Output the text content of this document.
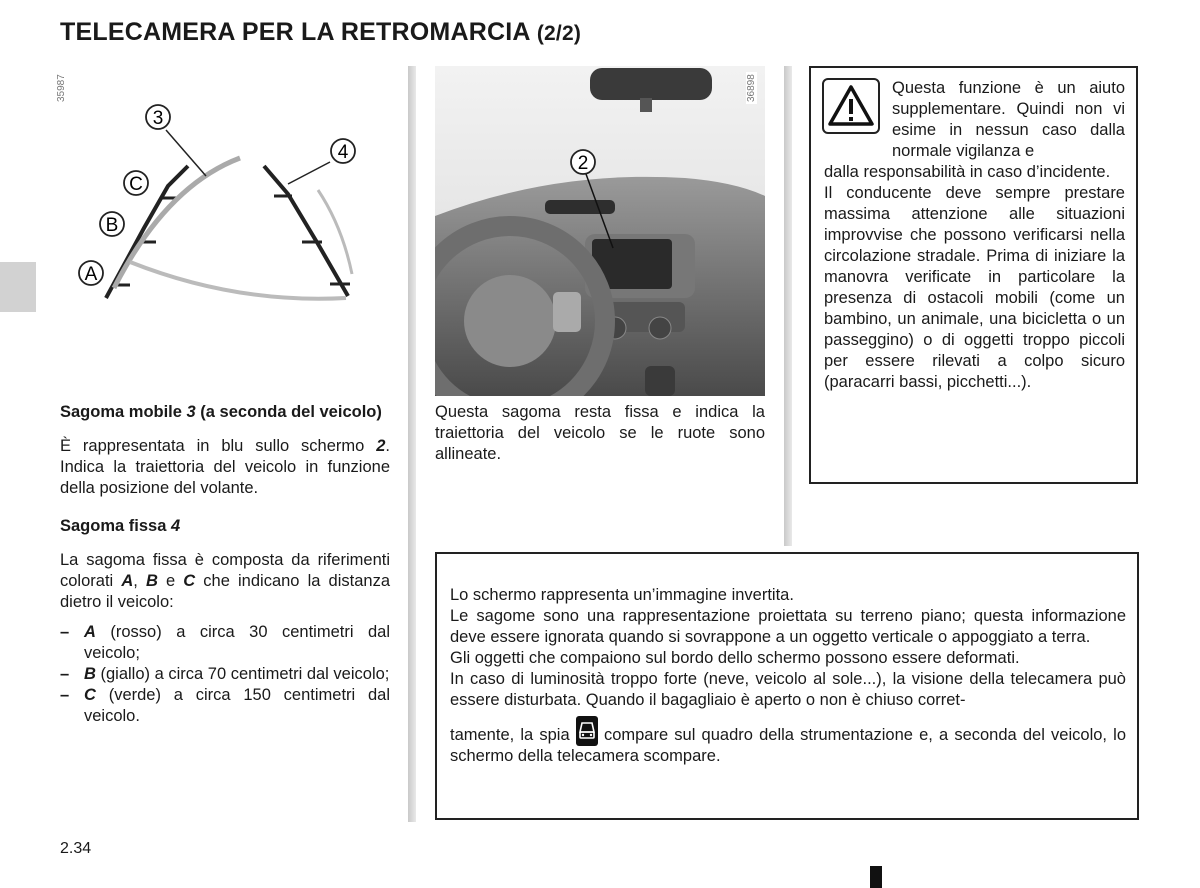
TELECAMERA PER LA RETROMARCIA (2/2)
35987
3
4
C
B
A
Sagoma mobile 3 (a seconda del veicolo)
È rappresentata in blu sullo schermo 2. Indica la traiettoria del veicolo in funzione della posizione del volante.
Sagoma fissa 4
La sagoma fissa è composta da riferimenti colorati A, B e C che indicano la distanza dietro il veicolo:
– A (rosso) a circa 30 centimetri dal veicolo;
– B (giallo) a circa 70 centimetri dal veicolo;
– C (verde) a circa 150 centimetri dal veicolo.
2
36898
Questa sagoma resta fissa e indica la traiettoria del veicolo se le ruote sono allineate.
Questa funzione è un aiuto supplementare. Quindi non vi esime in nessun caso dalla normale vigilanza e
dalla responsabilità in caso d’incidente.
Il conducente deve sempre prestare massima attenzione alle situazioni improvvise che possono verificarsi nella circolazione stradale. Prima di iniziare la manovra verificate in particolare la presenza di ostacoli mobili (come un bambino, un animale, una bicicletta o un passeggino) o di oggetti troppo piccoli per essere rilevati a colpo sicuro (paracarri bassi, picchetti...).
Lo schermo rappresenta un’immagine invertita.
Le sagome sono una rappresentazione proiettata su terreno piano; questa informazione deve essere ignorata quando si sovrappone a un oggetto verticale o appoggiato a terra.
Gli oggetti che compaiono sul bordo dello schermo possono essere deformati.
In caso di luminosità troppo forte (neve, veicolo al sole...), la visione della telecamera può essere disturbata. Quando il bagagliaio è aperto o non è chiuso corret-
tamente, la spia
compare sul quadro della strumentazione e, a seconda del veicolo, lo schermo della telecamera scompare.
2.34
